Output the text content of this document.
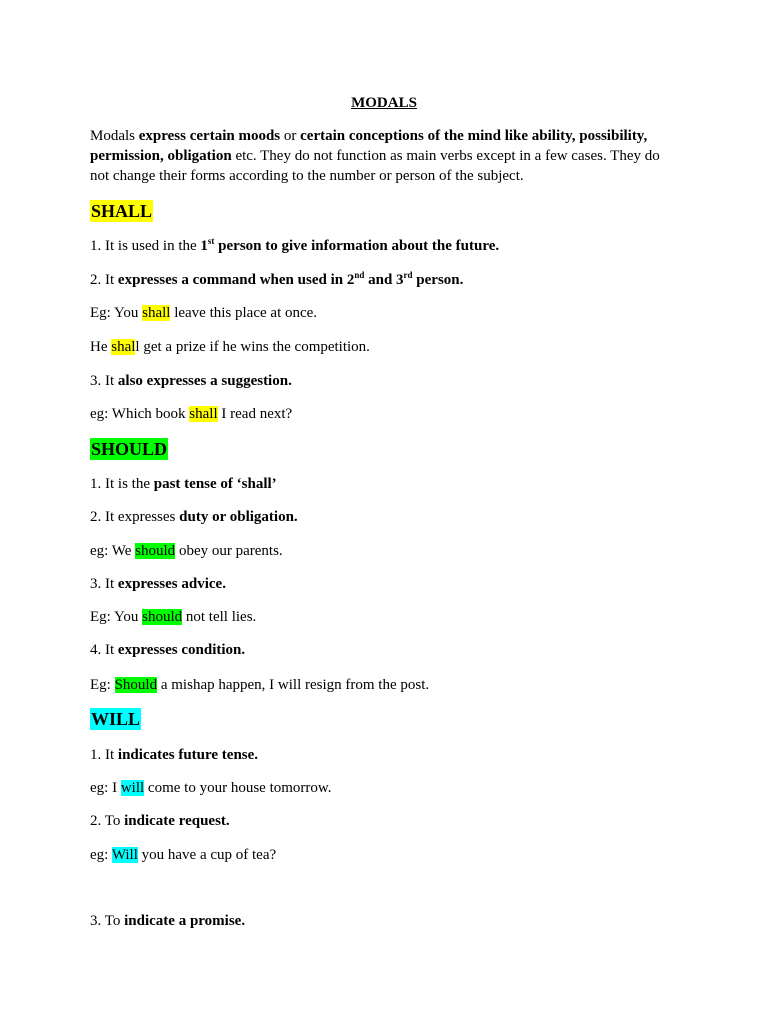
MODALS
Modals express certain moods or certain conceptions of the mind like ability, possibility, permission, obligation etc. They do not function as main verbs except in a few cases. They do not change their forms according to the number or person of the subject.
SHALL
1. It is used in the 1st person to give information about the future.
2. It expresses a command when used in 2nd and 3rd person.
Eg: You shall leave this place at once.
He shall get a prize if he wins the competition.
3. It also expresses a suggestion.
eg: Which book shall I read next?
SHOULD
1. It is the past tense of ‘shall’
2. It expresses duty or obligation.
eg: We should obey our parents.
3. It expresses advice.
Eg: You should not tell lies.
4. It expresses condition.
Eg: Should a mishap happen, I will resign from the post.
WILL
1. It indicates future tense.
eg: I will come to your house tomorrow.
2. To indicate request.
eg: Will you have a cup of tea?
3. To indicate a promise.
